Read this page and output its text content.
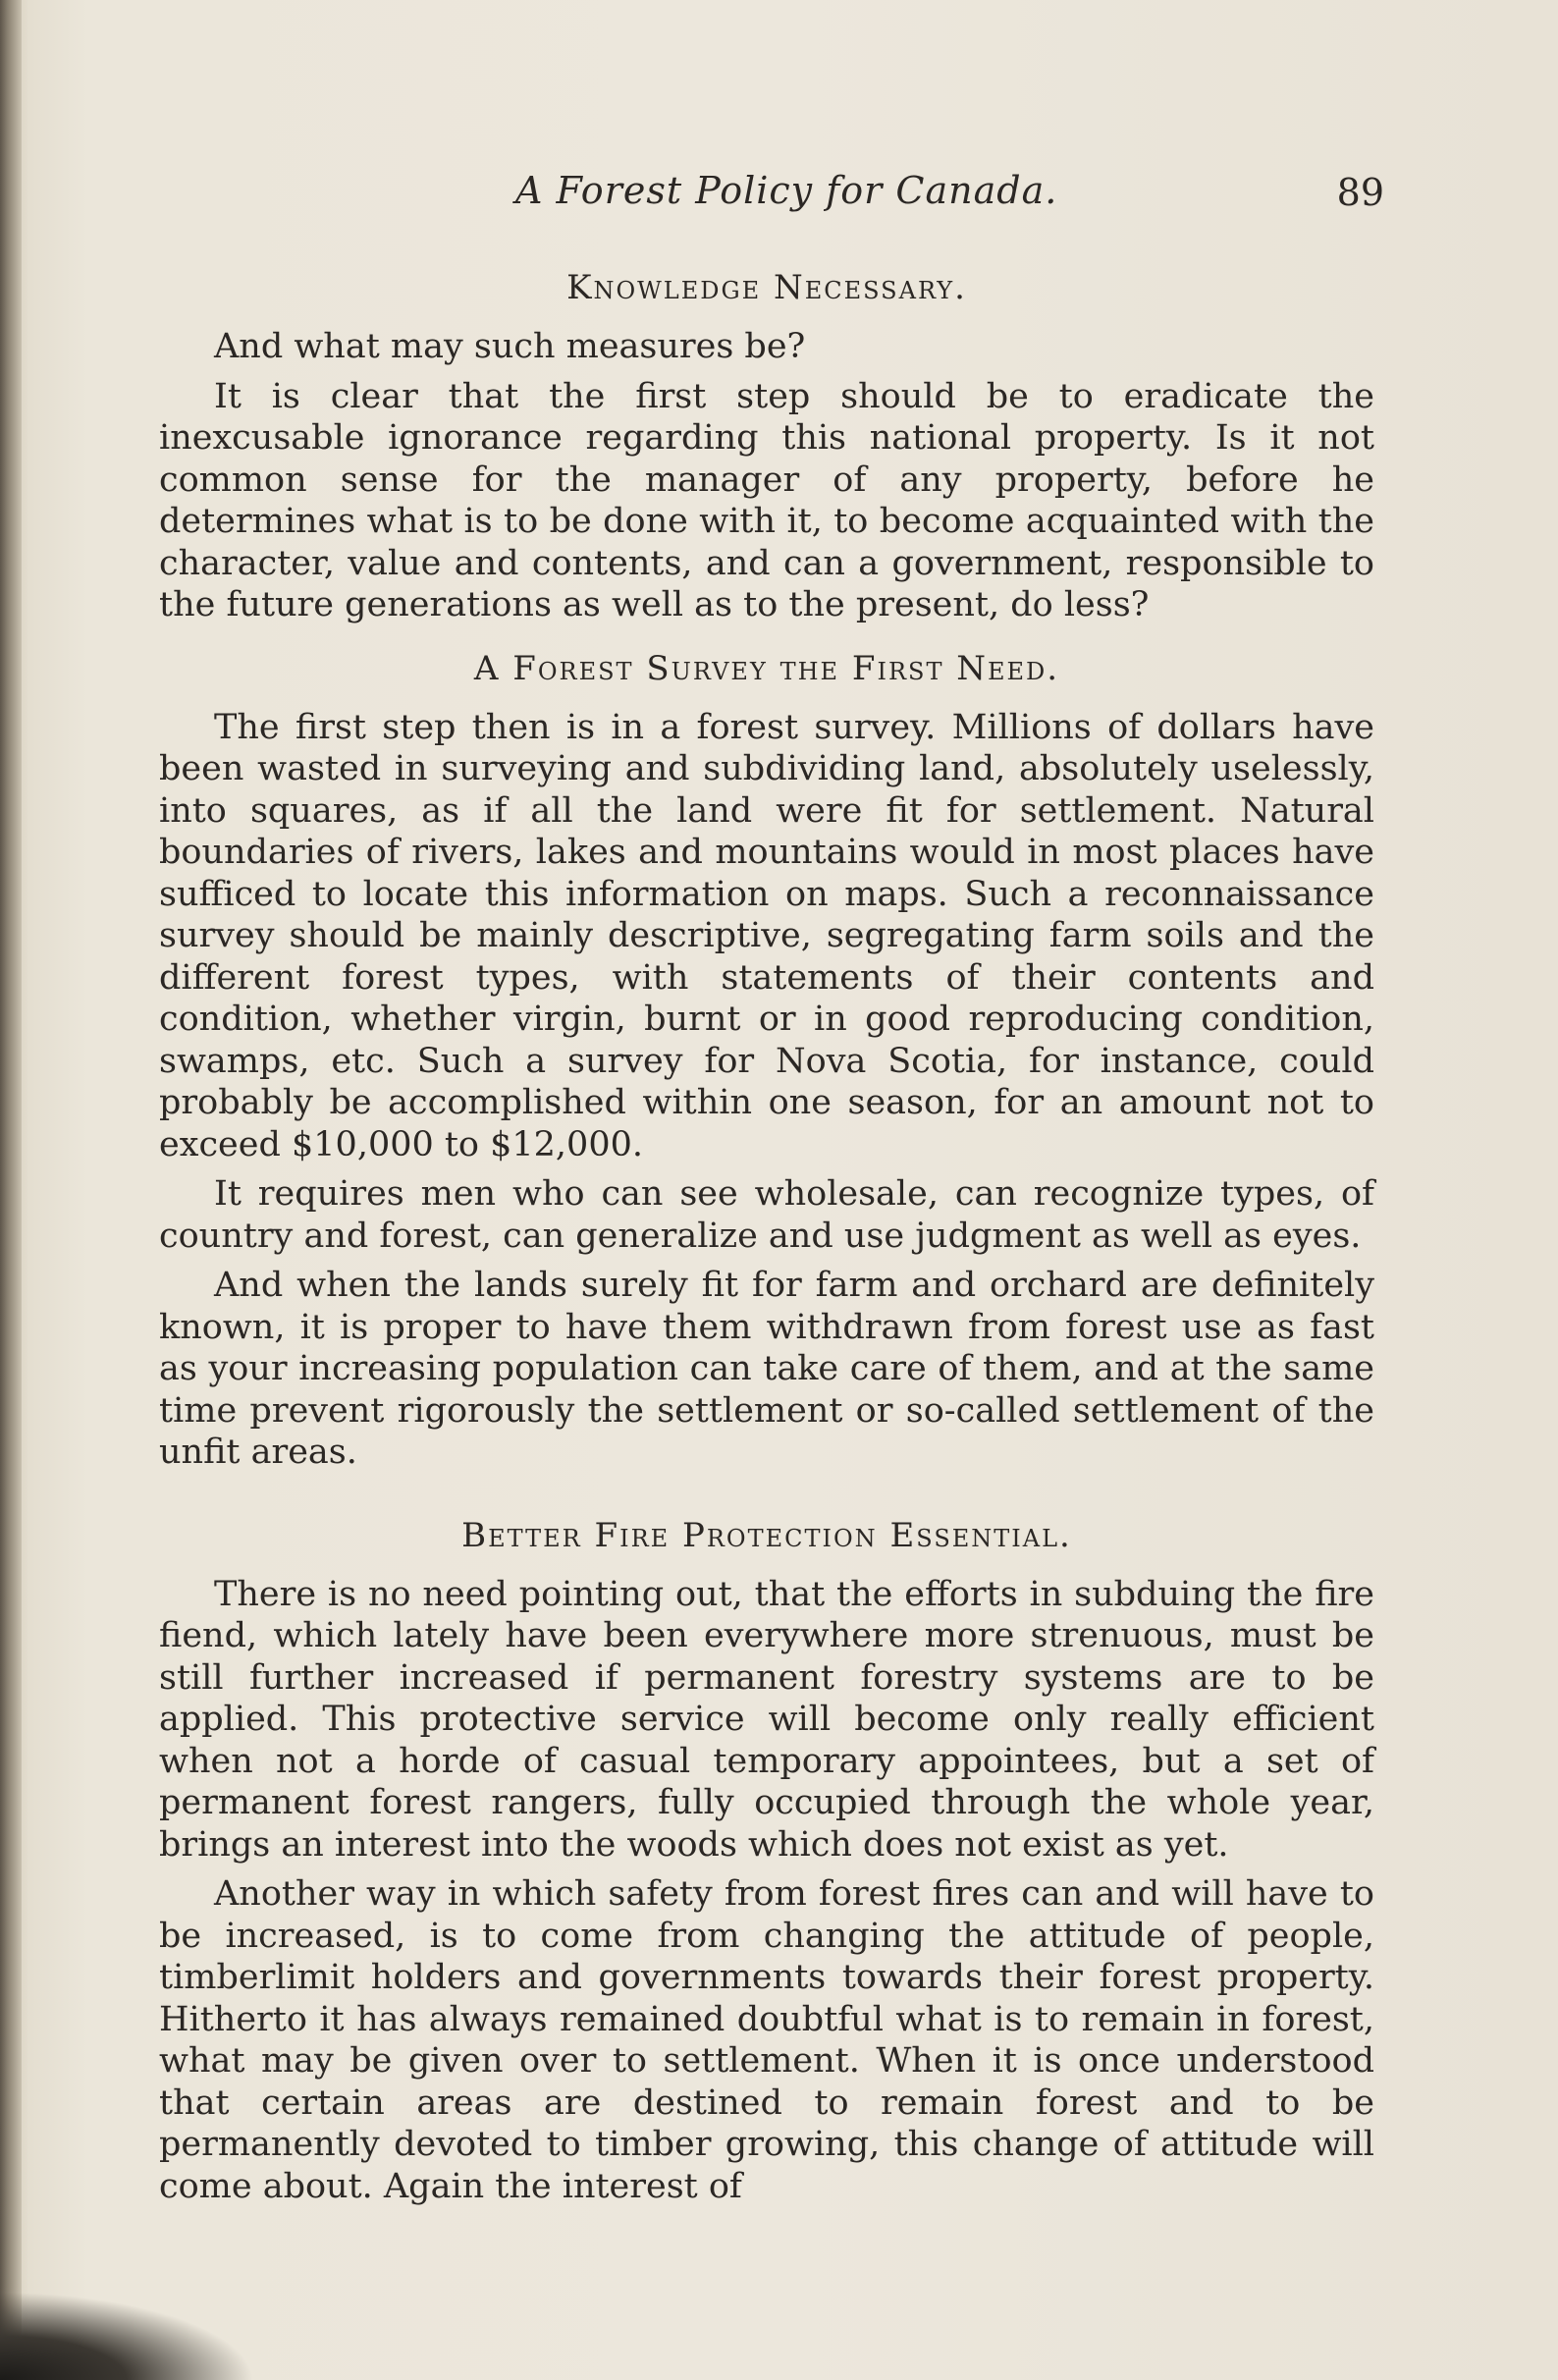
A Forest Policy for Canada.	89
Knowledge Necessary.

And what may such measures be?

It is clear that the first step should be to eradicate the inexcusable ignorance regarding this national property. Is it not common sense for the manager of any property, before he determines what is to be done with it, to become acquainted with the character, value and contents, and can a government, responsible to the future generations as well as to the present, do less?

A Forest Survey the First Need.

The first step then is in a forest survey. Millions of dollars have been wasted in surveying and subdividing land, absolutely uselessly, into squares, as if all the land were fit for settlement. Natural boundaries of rivers, lakes and mountains would in most places have sufficed to locate this information on maps. Such a reconnaissance survey should be mainly descriptive, segregating farm soils and the different forest types, with statements of their contents and condition, whether virgin, burnt or in good reproducing condition, swamps, etc. Such a survey for Nova Scotia, for instance, could probably be accomplished within one season, for an amount not to exceed $10,000 to $12,000.

It requires men who can see wholesale, can recognize types, of country and forest, can generalize and use judgment as well as eyes.

And when the lands surely fit for farm and orchard are definitely known, it is proper to have them withdrawn from forest use as fast as your increasing population can take care of them, and at the same time prevent rigorously the settlement or so-called settlement of the unfit areas.

Better Fire Protection Essential.

There is no need pointing out, that the efforts in subduing the fire fiend, which lately have been everywhere more strenuous, must be still further increased if permanent forestry systems are to be applied. This protective service will become only really efficient when not a horde of casual temporary appointees, but a set of permanent forest rangers, fully occupied through the whole year, brings an interest into the woods which does not exist as yet.

Another way in which safety from forest fires can and will have to be increased, is to come from changing the attitude of people, timberlimit holders and governments towards their forest property. Hitherto it has always remained doubtful what is to remain in forest, what may be given over to settlement. When it is once understood that certain areas are destined to remain forest and to be permanently devoted to timber growing, this change of attitude will come about. Again the interest of
